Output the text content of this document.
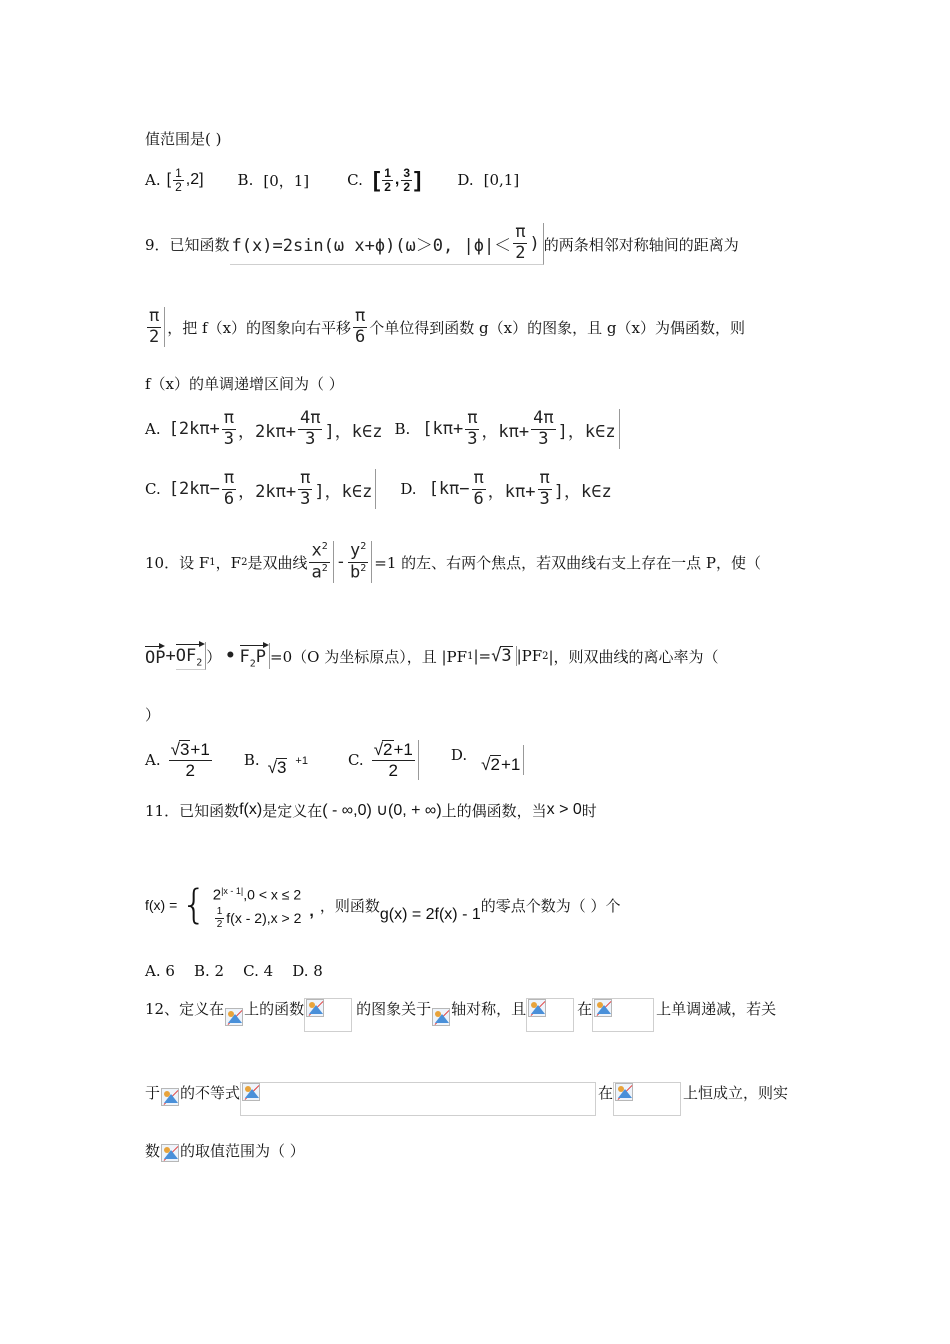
值范围是( )
A. [ $\frac{1}{2} ,2$] B. [0，1]	C. [ $\frac{1}{2}$ , $\frac{3}{2}$ ] D. [0,1]
9．已知函数 f(x)=2sin(ω x+ϕ)(ω＞0, $|\phi|< \frac{\pi}{2}$ ) 的两条相邻对称轴间的距离为
$\frac{\pi}{2}$ ，把 f（x）的图象向右平移 $\frac{\pi}{6}$ 个单位得到函数 g（x）的图象，且 g（x）为偶函数，则
f（x）的单调递增区间为（ ）
A. [$2k\pi+ \frac{\pi}{3}$ ，$2k\pi+ \frac{4\pi}{3}$ ]，k∈z B. [$k\pi+ \frac{\pi}{3}$ ，$k\pi+ \frac{4\pi}{3}$ ]，k∈z
C. [$2k\pi- \frac{\pi}{6}$ ，$2k\pi+ \frac{\pi}{3}$ ]，k∈z D. [$k\pi- \frac{\pi}{6}$ ，$k\pi+ \frac{\pi}{3}$ ]，k∈z
10．设 F 1 ，F 2 是双曲线 $\frac{x^2}{a^2} - \frac{y^2}{b^2} =1$ 的左、右两个焦点，若双曲线右支上存在一点 P，使（
OP + $OF_2$ ） • $F_2P =0(O$ 为坐标原点），且 |PF 1 |= √ 3 |PF 2 |，则双曲线的离心率为（
）
A. $\frac{√ 3 +1}{2} B$. √ 3 +1	C. $\frac{√ 2 +1}{2} D$. √ 2 +1
11．已知函数 f(x) 是定义在 ( - ∞,0) ∪(0, + ∞) 上的偶函数，当 x > 0 时
f(x) = { $2^{|x - 1|},0 < x \le 2$
$\frac{1}{2} f(x - 2),x > 2$ , ，则函数 g(x) = 2f(x) - 1 的零点个数为（ ）个
A. 6    B. 2    C. 4    D. 8
12、定义在 上的函数	的图象关于 轴对称，且	在	上单调递减，若关
于 的不等式	在	上恒成立，则实
数 的取值范围为（ ）
